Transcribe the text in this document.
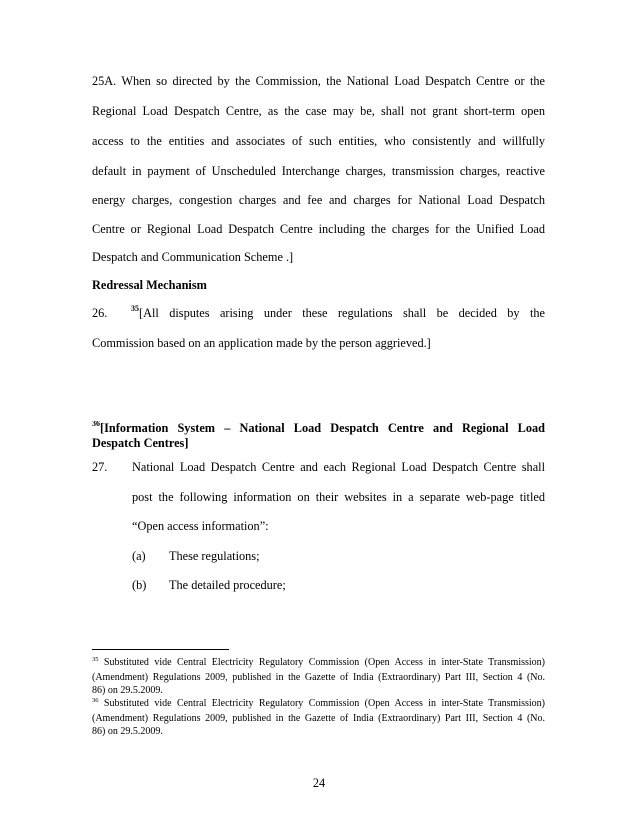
25A. When so directed by the Commission, the National Load Despatch Centre or the

Regional Load Despatch Centre, as the case may be, shall not grant short-term open

access to the entities and associates of such entities, who consistently and willfully

default in payment of Unscheduled Interchange charges, transmission charges, reactive

energy charges, congestion charges and fee and charges for National Load Despatch

Centre or Regional Load Despatch Centre including the charges for the Unified Load

Despatch and Communication Scheme .]

Redressal Mechanism

26.	$^{35}$[All disputes arising under these regulations shall be decided by the

Commission based on an application made by the person aggrieved.]

$^{36}$[Information System – National Load Despatch Centre and Regional Load

Despatch Centres]

27. National Load Despatch Centre and each Regional Load Despatch Centre shall

post the following information on their websites in a separate web-page titled

“Open access information”:

(a) These regulations;
(b) The detailed procedure;
$^{35}$ Substituted vide Central Electricity Regulatory Commission (Open Access in inter-State Transmission)
(Amendment) Regulations 2009, published in the Gazette of India (Extraordinary) Part III, Section 4 (No.
86) on 29.5.2009.
$^{36}$ Substituted vide Central Electricity Regulatory Commission (Open Access in inter-State Transmission)
(Amendment) Regulations 2009, published in the Gazette of India (Extraordinary) Part III, Section 4 (No.
86) on 29.5.2009.
24
